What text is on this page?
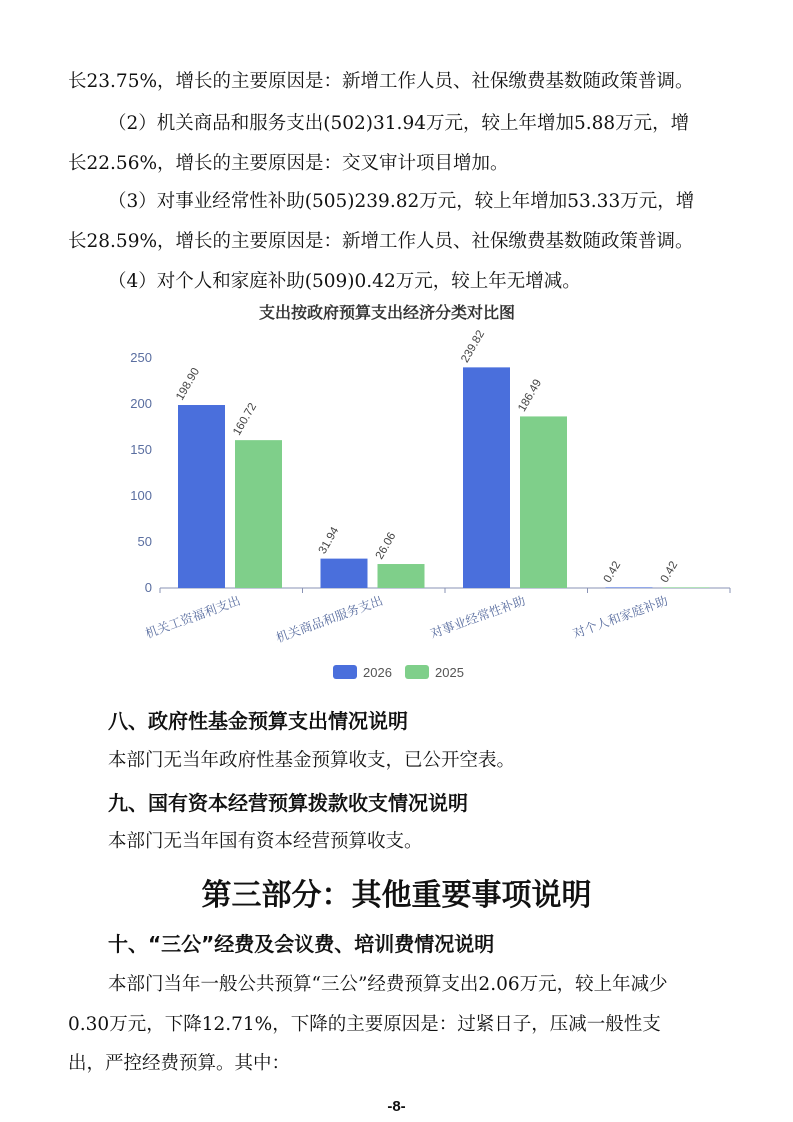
长23.75%，增长的主要原因是：新增工作人员、社保缴费基数随政策普调。
（2）机关商品和服务支出(502)31.94万元，较上年增加5.88万元，增
长22.56%，增长的主要原因是：交叉审计项目增加。
（3）对事业经常性补助(505)239.82万元，较上年增加53.33万元，增
长28.59%，增长的主要原因是：新增工作人员、社保缴费基数随政策普调。
（4）对个人和家庭补助(509)0.42万元，较上年无增减。
支出按政府预算支出经济分类对比图
0
50
100
150
200
250
198.90
160.72
31.94	26.06
239.82
186.49
0.42	0.42
机关工资福利支出	机关商品和服务支出	对事业经常性补助	对个人和家庭补助
2026	2025
八、政府性基金预算支出情况说明
本部门无当年政府性基金预算收支，已公开空表。
九、国有资本经营预算拨款收支情况说明
本部门无当年国有资本经营预算收支。
第三部分：其他重要事项说明
十、“三公”经费及会议费、培训费情况说明
本部门当年一般公共预算“三公”经费预算支出2.06万元，较上年减少
0.30万元，下降12.71%，下降的主要原因是：过紧日子，压减一般性支
出，严控经费预算。其中：
-8-
